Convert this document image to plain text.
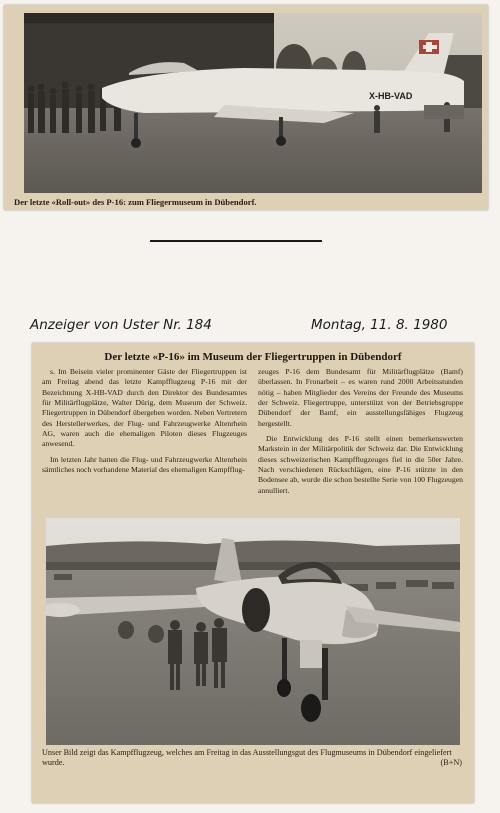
X-HB-VAD
Der letzte «Roll-out» des P-16: zum Fliegermuseum in Dübendorf.
Anzeiger von Uster Nr. 184	Montag, 11. 8. 1980
Der letzte «P-16» im Museum der Fliegertruppen in Dübendorf

s. Im Beisein vieler prominenter Gäste der Fliegertruppen ist am Freitag abend das letzte Kampfflugzeug P-16 mit der Bezeichnung X-HB-VAD durch den Direktor des Bundesamtes für Militärflugplätze, Walter Dürig, dem Museum der Schweiz. Fliegertruppen in Dübendorf übergeben worden. Neben Vertretern des Herstellerwerkes, der Flug- und Fahrzeugwerke Altenrhein AG, waren auch die ehemaligen Piloten dieses Flugzeuges anwesend.

Im letzten Jahr hatten die Flug- und Fahrzeugwerke Altenrhein sämtliches noch vorhandene Material des ehemaligen Kampfflug-

zeuges P-16 dem Bundesamt für Militärflugplätze (Bamf) überlassen. In Fronarbeit – es waren rund 2000 Arbeitsstunden nötig – haben Mitglieder des Vereins der Freunde des Museums der Schweiz. Fliegertruppe, unterstützt von der Betriebsgruppe Dübendorf der Bamf, ein ausstellungsfähiges Flugzeug hergestellt.

Die Entwicklung des P-16 stellt einen bemerkenswerten Markstein in der Militärpolitik der Schweiz dar. Die Entwicklung dieses schweizerischen Kampfflugzeuges fiel in die 50er Jahre. Nach verschiedenen Rückschlägen, eine P-16 stürzte in den Bodensee ab, wurde die schon bestellte Serie von 100 Flugzeugen annulliert.

Unser Bild zeigt das Kampfflugzeug, welches am Freitag in das Ausstellungsgut des Flugmuseums in Dübendorf eingeliefert wurde.	(B+N)
